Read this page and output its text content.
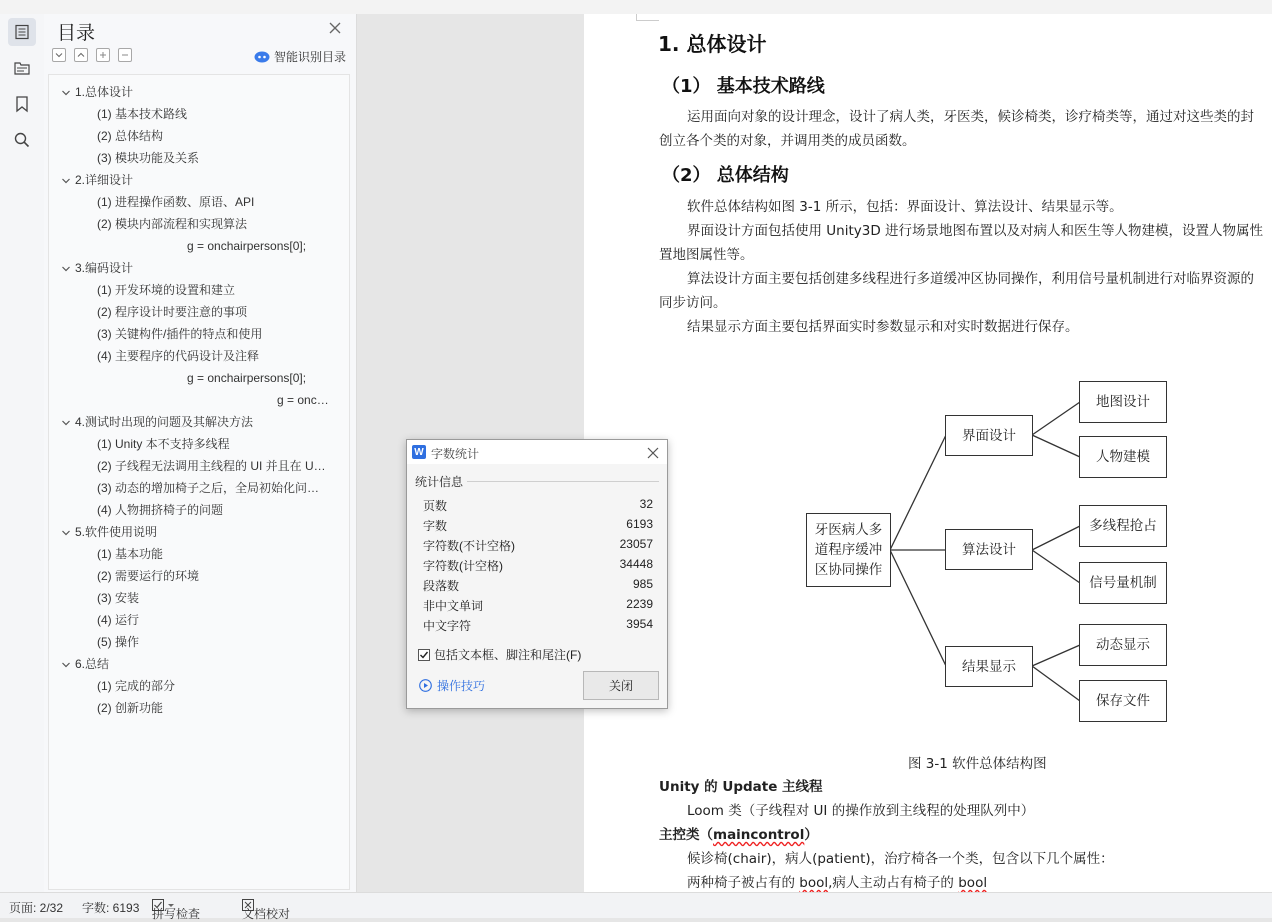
目录
智能识别目录
1.总体设计
(1) 基本技术路线
(2) 总体结构
(3) 模块功能及关系
2.详细设计
(1) 进程操作函数、原语、API
(2) 模块内部流程和实现算法
g = onchairpersons[0];
3.编码设计
(1) 开发环境的设置和建立
(2) 程序设计时要注意的事项
(3) 关键构件/插件的特点和使用
(4) 主要程序的代码设计及注释
g = onchairpersons[0];
g = onc…
4.测试时出现的问题及其解决方法
(1) Unity 本不支持多线程
(2) 子线程无法调用主线程的 UI 并且在 U…
(3) 动态的增加椅子之后，全局初始化问…
(4) 人物拥挤椅子的问题
5.软件使用说明
(1) 基本功能
(2) 需要运行的环境
(3) 安装
(4) 运行
(5) 操作
6.总结
(1) 完成的部分
(2) 创新功能
1. 总体设计
（1） 基本技术路线
运用面向对象的设计理念，设计了病人类，牙医类，候诊椅类，诊疗椅类等，通过对这些类的封
创立各个类的对象，并调用类的成员函数。
（2） 总体结构
软件总体结构如图 3-1 所示，包括：界面设计、算法设计、结果显示等。
界面设计方面包括使用 Unity3D 进行场景地图布置以及对病人和医生等人物建模，设置人物属性
置地图属性等。
算法设计方面主要包括创建多线程进行多道缓冲区协同操作，利用信号量机制进行对临界资源的
同步访问。
结果显示方面主要包括界面实时参数显示和对实时数据进行保存。
牙医病人多
道程序缓冲
区协同操作
界面设计
算法设计
结果显示
地图设计
人物建模
多线程抢占
信号量机制
动态显示
保存文件
图 3-1 软件总体结构图
Unity 的 Update 主线程
Loom 类（子线程对 UI 的操作放到主线程的处理队列中）
主控类（maincontrol）
候诊椅(chair)，病人(patient)，治疗椅各一个类，包含以下几个属性：
两种椅子被占有的 bool,病人主动占有椅子的 bool
W 字数统计
统计信息
页数	32
字数	6193
字符数(不计空格)	23057
字符数(计空格)	34448
段落数	985
非中文单词	2239
中文字符	3954
包括文本框、脚注和尾注(F)
操作技巧	关闭
页面: 2/32 字数: 6193 拼写检查	文档校对
